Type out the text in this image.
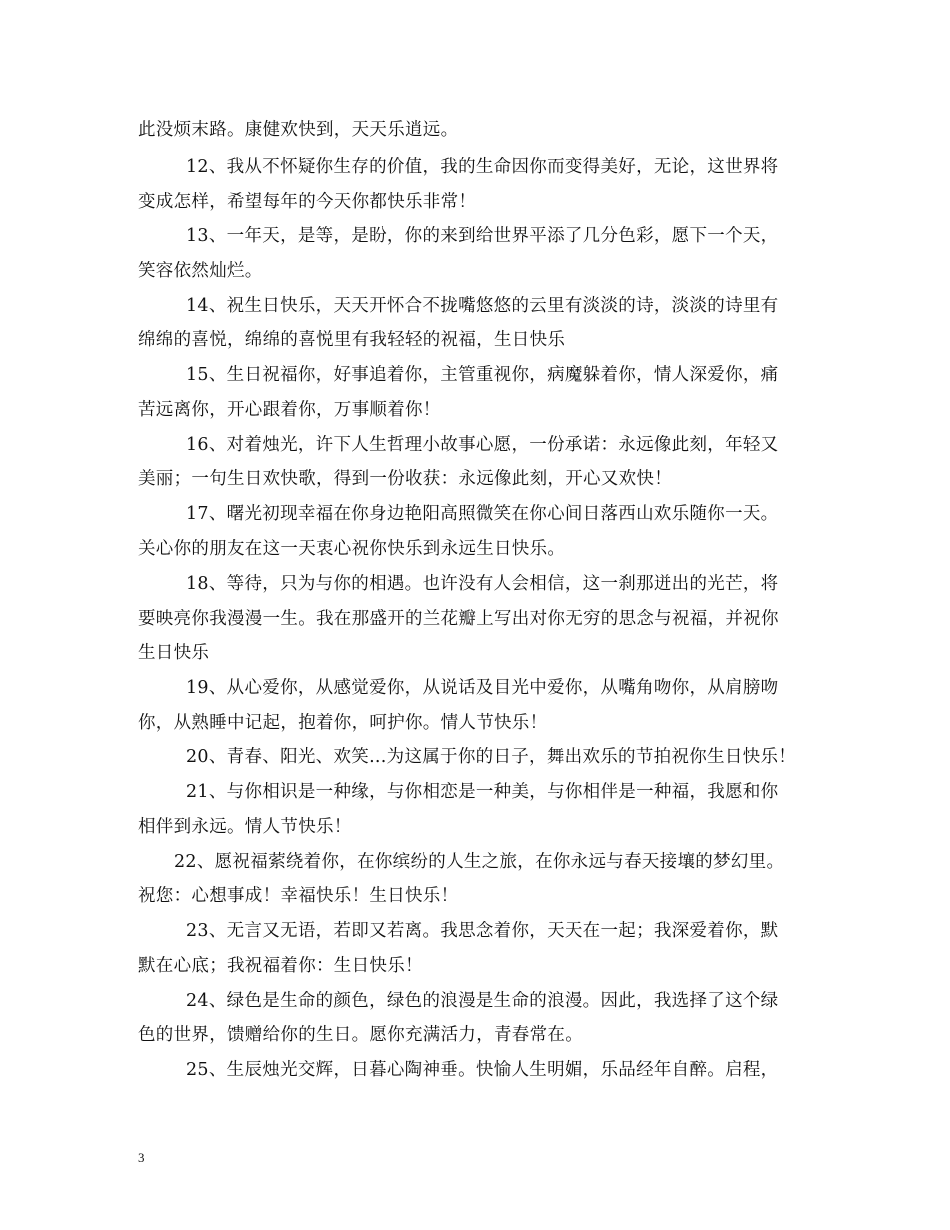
此没烦末路。康健欢快到，天天乐逍远。
12、我从不怀疑你生存的价值，我的生命因你而变得美好，无论，这世界将
变成怎样，希望每年的今天你都快乐非常！
13、一年天，是等，是盼，你的来到给世界平添了几分色彩，愿下一个天，
笑容依然灿烂。
14、祝生日快乐，天天开怀合不拢嘴悠悠的云里有淡淡的诗，淡淡的诗里有
绵绵的喜悦，绵绵的喜悦里有我轻轻的祝福，生日快乐
15、生日祝福你，好事追着你，主管重视你，病魔躲着你，情人深爱你，痛
苦远离你，开心跟着你，万事顺着你！
16、对着烛光，许下人生哲理小故事心愿，一份承诺：永远像此刻，年轻又
美丽；一句生日欢快歌，得到一份收获：永远像此刻，开心又欢快！
17、曙光初现幸福在你身边艳阳高照微笑在你心间日落西山欢乐随你一天。
关心你的朋友在这一天衷心祝你快乐到永远生日快乐。
18、等待，只为与你的相遇。也许没有人会相信，这一刹那迸出的光芒，将
要映亮你我漫漫一生。我在那盛开的兰花瓣上写出对你无穷的思念与祝福，并祝你
生日快乐
19、从心爱你，从感觉爱你，从说话及目光中爱你，从嘴角吻你，从肩膀吻
你，从熟睡中记起，抱着你，呵护你。情人节快乐！
20、青春、阳光、欢笑...为这属于你的日子，舞出欢乐的节拍祝你生日快乐！
21、与你相识是一种缘，与你相恋是一种美，与你相伴是一种福，我愿和你
相伴到永远。情人节快乐！
22、愿祝福萦绕着你，在你缤纷的人生之旅，在你永远与春天接壤的梦幻里。
祝您：心想事成！幸福快乐！生日快乐！
23、无言又无语，若即又若离。我思念着你，天天在一起；我深爱着你，默
默在心底；我祝福着你：生日快乐！
24、绿色是生命的颜色，绿色的浪漫是生命的浪漫。因此，我选择了这个绿
色的世界，馈赠给你的生日。愿你充满活力，青春常在。
25、生辰烛光交辉，日暮心陶神垂。快愉人生明媚，乐品经年自醉。启程，
3
